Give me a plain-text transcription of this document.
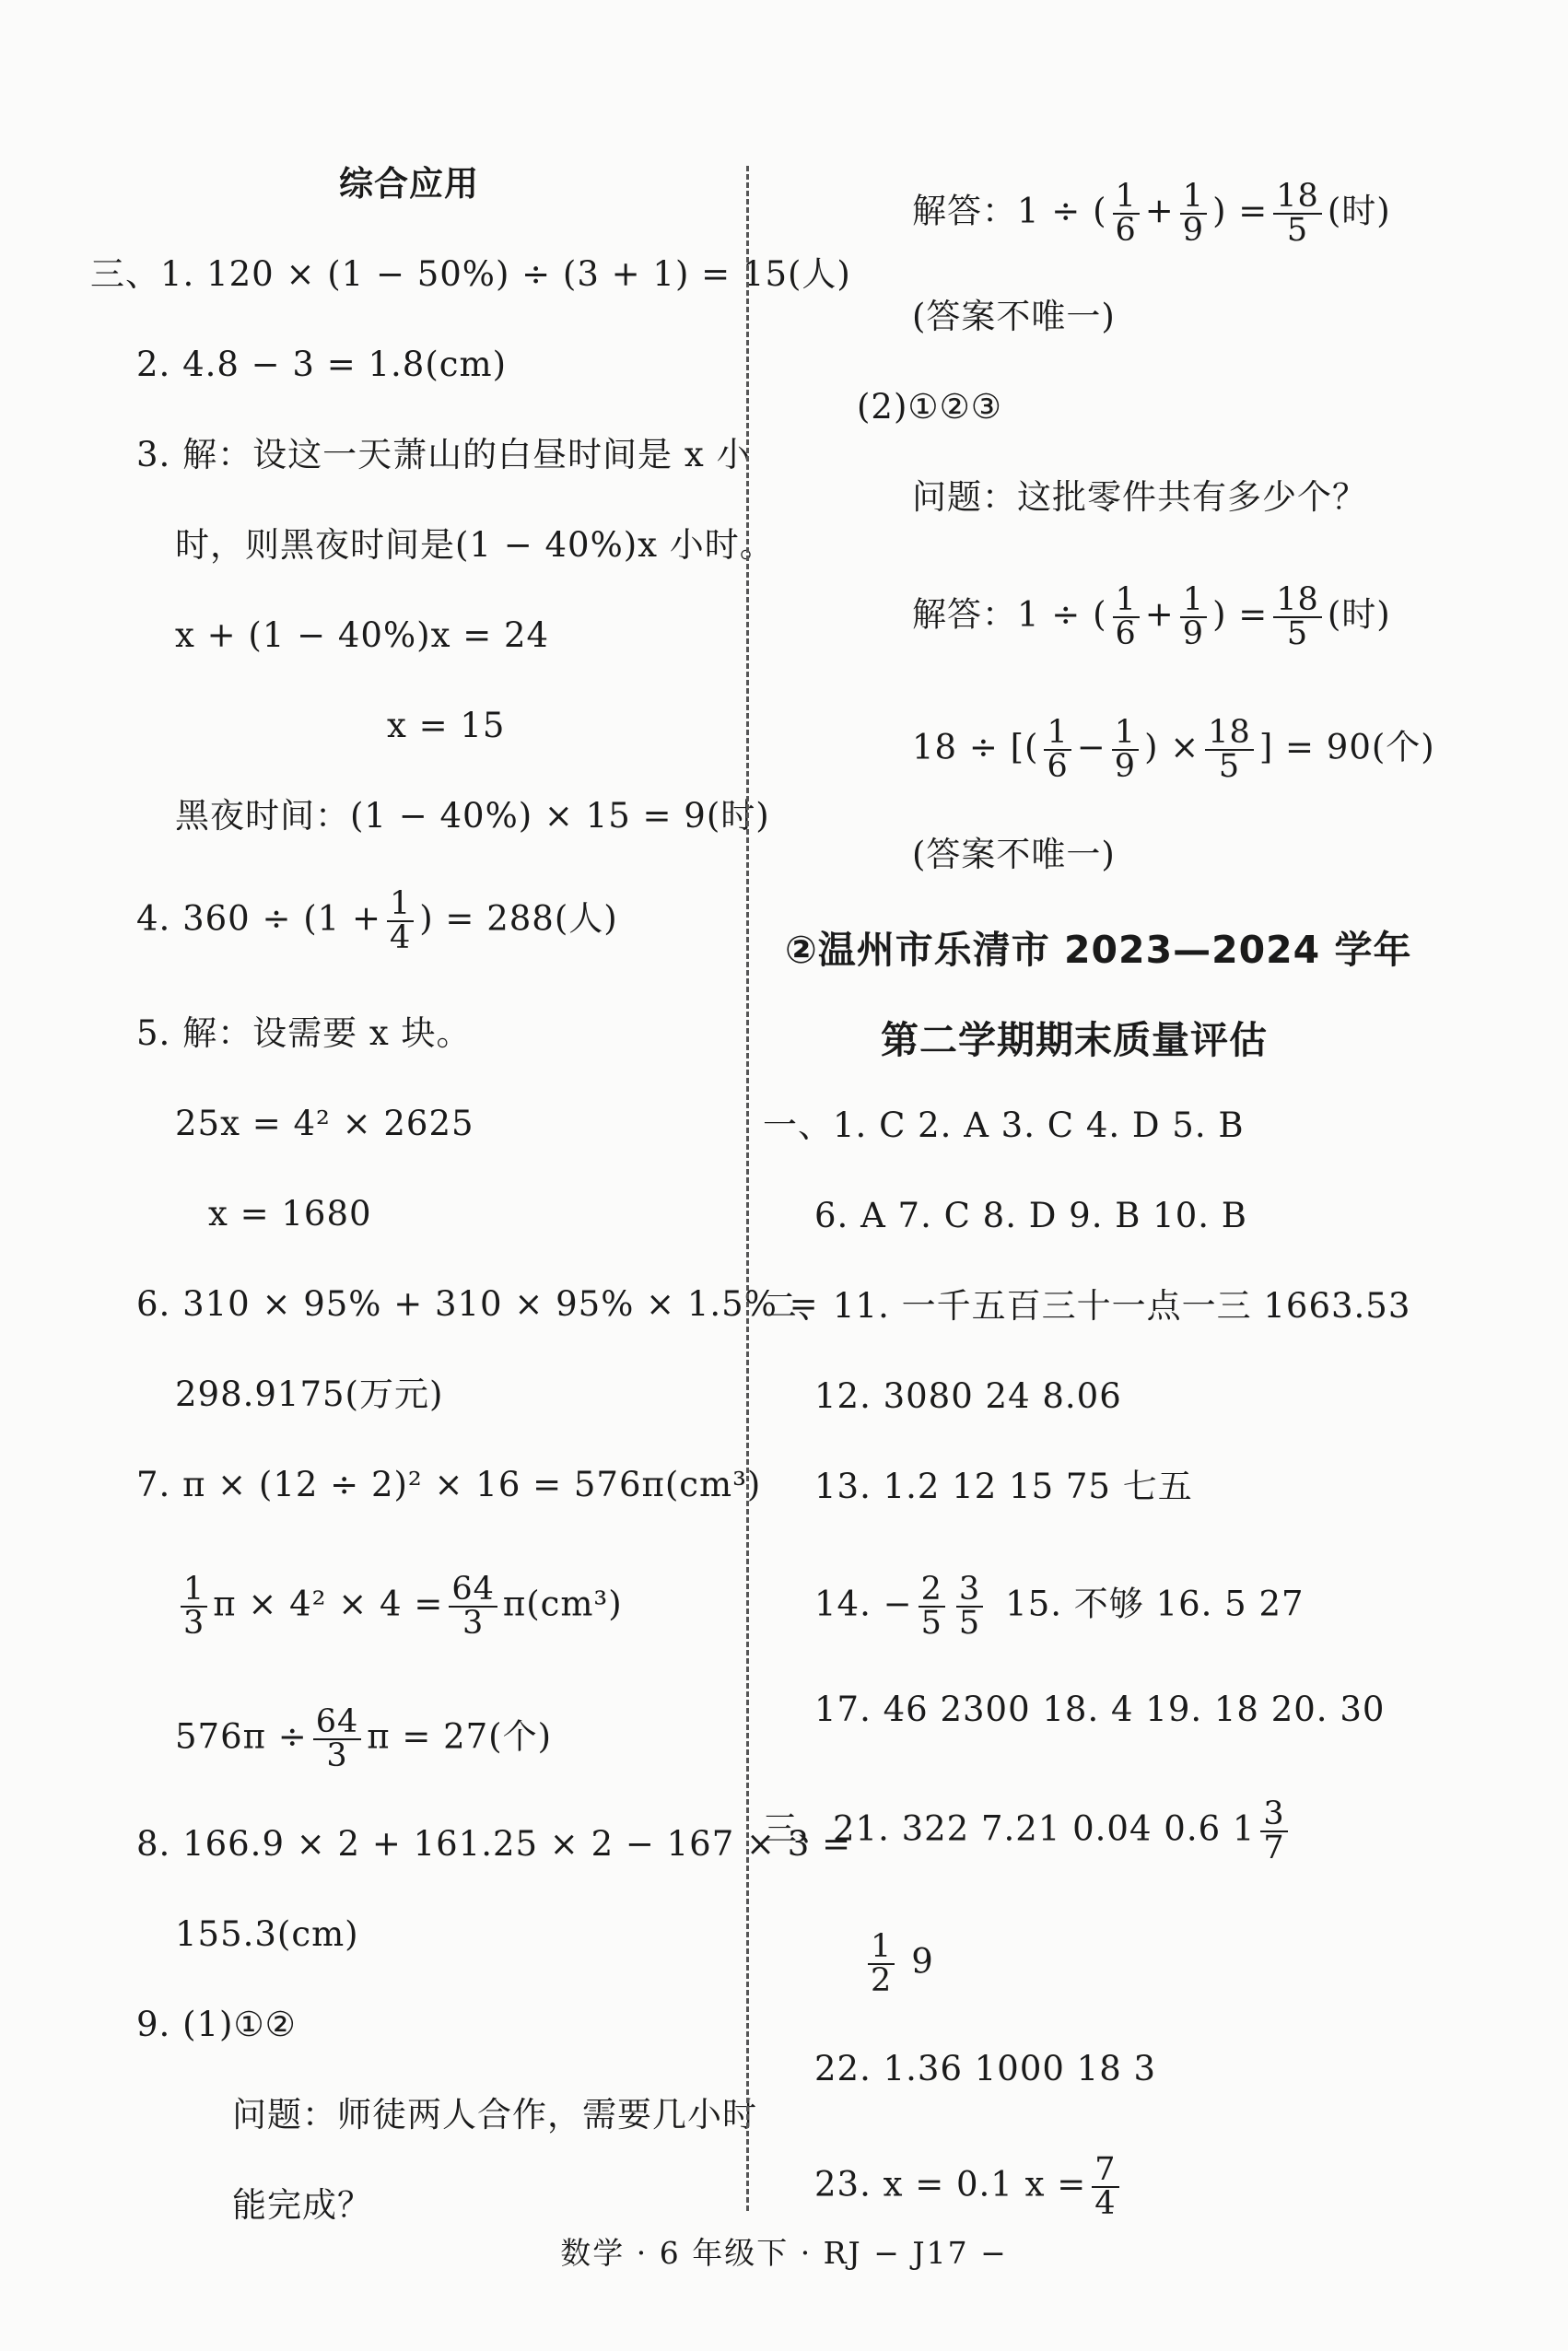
综合应用
三、1. 120 × (1 − 50%) ÷ (3 + 1) = 15(人)
2. 4.8 − 3 = 1.8(cm)
3. 解：设这一天萧山的白昼时间是 x 小
时，则黑夜时间是(1 − 40%)x 小时。
x + (1 − 40%)x = 24
x = 15
黑夜时间：(1 − 40%) × 15 = 9(时)
4. $360 \div (1 + \frac{1}{4}$ ) = 288(人)
5. 解：设需要 x 块。
25x = 4² × 2625
x = 1680
6. 310 × 95% + 310 × 95% × 1.5% =
298.9175(万元)
7. π × (12 ÷ 2)² × 16 = 576π(cm³)
$\frac{1}{3}$ $\pi \times 4^2 \times 4 = \frac{64}{3} \pi(cm^3)$
$576\pi \div \frac{64}{3}$ π = 27(个)
8. 166.9 × 2 + 161.25 × 2 − 167 × 3 =
155.3(cm)
9. (1)①②
问题：师徒两人合作，需要几小时
能完成？
解答：1 ÷ ( $\frac{1}{6} + \frac{1}{9}$ ) = $\frac{18}{5}$ (时)
(答案不唯一)
(2)①②③
问题：这批零件共有多少个？
解答：1 ÷ ( $\frac{1}{6} + \frac{1}{9}$ ) = $\frac{18}{5}$ (时)
18 ÷ [( $\frac{1}{6} - \frac{1}{9}$ ) × $\frac{18}{5}$ ] = 90(个)
(答案不唯一)
②温州市乐清市 2023—2024 学年
第二学期期末质量评估
一、1. C 2. A 3. C 4. D 5. B
6. A 7. C 8. D 9. B 10. B
二、11. 一千五百三十一点一三 1663.53
12. 3080 24 8.06
13. 1.2 12 15 75 七五
14. − $\frac{2}{5} \frac{3}{5} 15$. 不够 16. 5 27
17. 46 2300 18. 4 19. 18 20. 30
三、21. 322 7.21 0.04 0.6 $1 \frac{3}{7}$
$\frac{1}{2} 9$
22. 1.36 1000 18 3
23. x = 0.1 $x = \frac{7}{4}$
数学 · 6 年级下 · RJ − J17 −
